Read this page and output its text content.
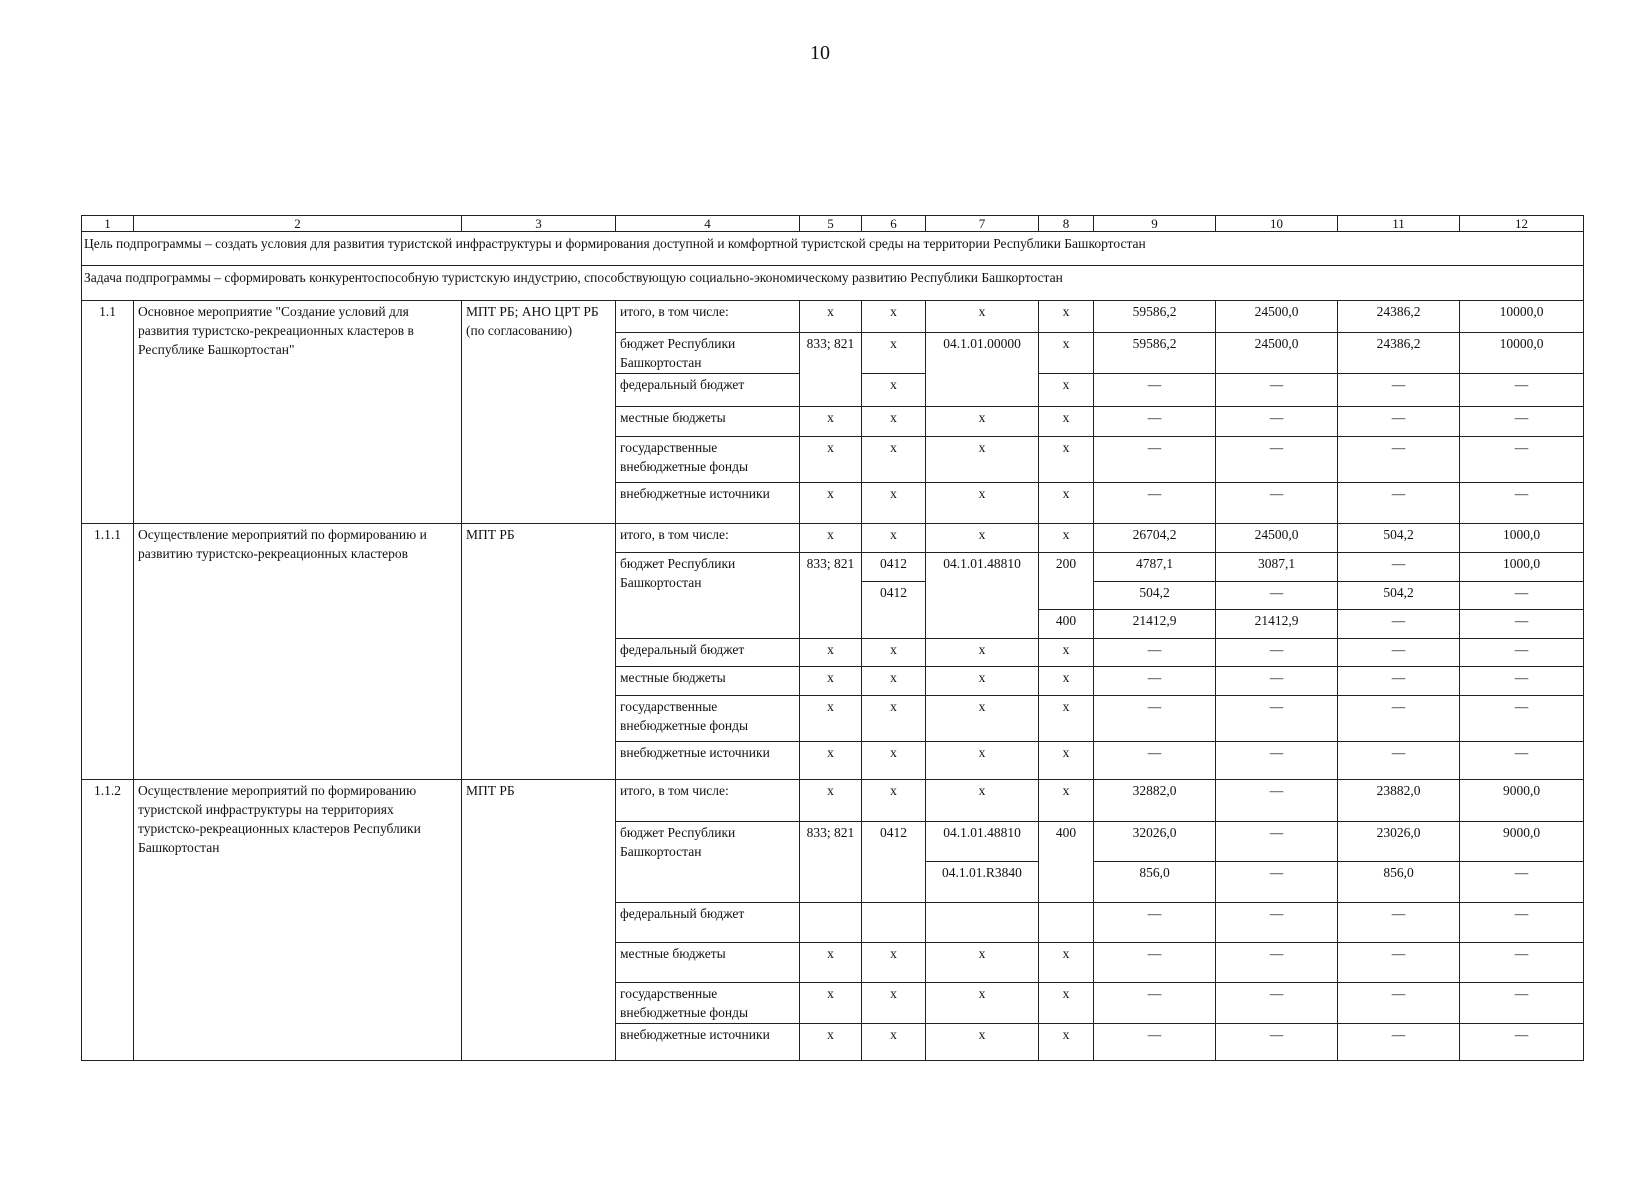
10
1	2	3	4	5	6	7	8	9	10	11	12
Цель подпрограммы – создать условия для развития туристской инфраструктуры и формирования доступной и комфортной туристской среды на территории Республики Башкортостан											
Задача подпрограммы – сформировать конкурентоспособную туристскую индустрию, способствующую социально-экономическому развитию Республики Башкортостан											
1.1	Основное мероприятие "Создание условий для развития туристско-рекреационных кластеров в Республике Башкортостан"	МПТ РБ; АНО ЦРТ РБ (по согласованию)	итого, в том числе:	х	х	х	х	59586,2	24500,0	24386,2	10000,0
			бюджет Республики Башкортостан	833; 821	х	04.1.01.00000	х	59586,2	24500,0	24386,2	10000,0
			федеральный бюджет		х		х	—	—	—	—
			местные бюджеты	х	х	х	х	—	—	—	—
			государственные внебюджетные фонды	х	х	х	х	—	—	—	—
			внебюджетные источники	х	х	х	х	—	—	—	—
1.1.1	Осуществление мероприятий по формированию и развитию туристско-рекреационных кластеров	МПТ РБ	итого, в том числе:	х	х	х	х	26704,2	24500,0	504,2	1000,0
			бюджет Республики Башкортостан	833; 821	0412	04.1.01.48810	200	4787,1	3087,1	—	1000,0
					0412			504,2	—	504,2	—
							400	21412,9	21412,9	—	—
			федеральный бюджет	х	х	х	х	—	—	—	—
			местные бюджеты	х	х	х	х	—	—	—	—
			государственные внебюджетные фонды	х	х	х	х	—	—	—	—
			внебюджетные источники	х	х	х	х	—	—	—	—
1.1.2	Осуществление мероприятий по формированию туристской инфраструктуры на территориях туристско-рекреационных кластеров Республики Башкортостан	МПТ РБ	итого, в том числе:	х	х	х	х	32882,0	—	23882,0	9000,0
			бюджет Республики Башкортостан	833; 821	0412	04.1.01.48810	400	32026,0	—	23026,0	9000,0
						04.1.01.R3840		856,0	—	856,0	—
			федеральный бюджет					—	—	—	—
			местные бюджеты	х	х	х	х	—	—	—	—
			государственные внебюджетные фонды	х	х	х	х	—	—	—	—
			внебюджетные источники	х	х	х	х	—	—	—	—
